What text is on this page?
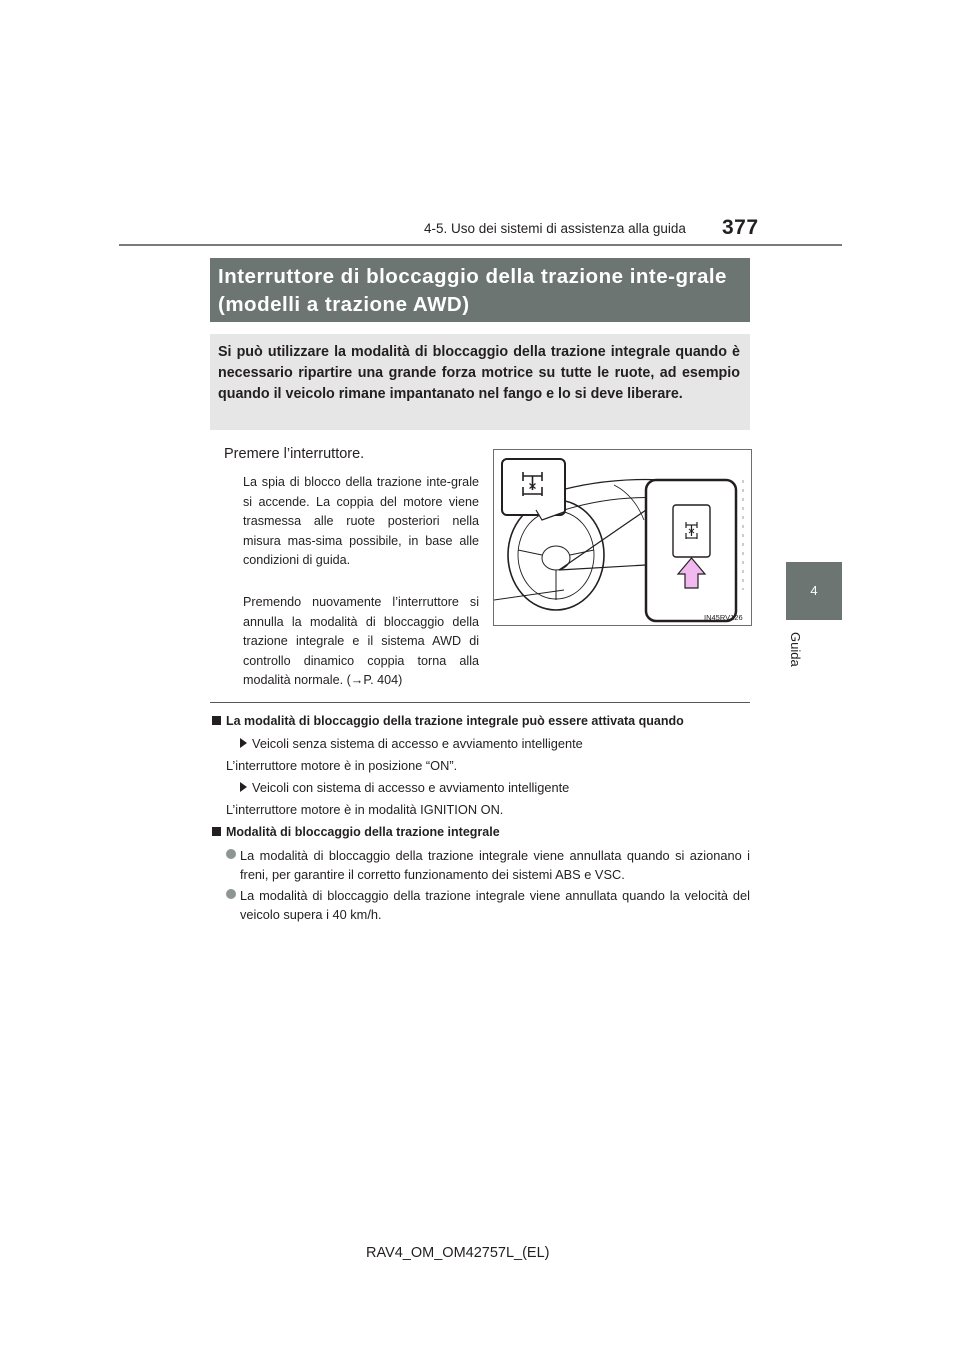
377
4-5. Uso dei sistemi di assistenza alla guida
4
Guida
Interruttore di bloccaggio della trazione inte-grale (modelli a trazione AWD)
Si può utilizzare la modalità di bloccaggio della trazione integrale quando è necessario ripartire una grande forza motrice su tutte le ruote, ad esempio quando il veicolo rimane impantanato nel fango e lo si deve liberare.
Premere l’interruttore.
La spia di blocco della trazione inte-grale si accende. La coppia del motore viene trasmessa alle ruote posteriori nella misura mas-sima possibile, in base alle condizioni di guida.
Premendo nuovamente l’interruttore si annulla la modalità di bloccaggio della trazione integrale e il sistema AWD di controllo dinamico coppia torna alla modalità normale. (→P. 404)
IN45RV126
La modalità di bloccaggio della trazione integrale può essere attivata quando
Veicoli senza sistema di accesso e avviamento intelligente
L’interruttore motore è in posizione “ON”.
Veicoli con sistema di accesso e avviamento intelligente
L’interruttore motore è in modalità IGNITION ON.
Modalità di bloccaggio della trazione integrale
La modalità di bloccaggio della trazione integrale viene annullata quando si azionano i freni, per garantire il corretto funzionamento dei sistemi ABS e VSC.
La modalità di bloccaggio della trazione integrale viene annullata quando la velocità del veicolo supera i 40 km/h.
RAV4_OM_OM42757L_(EL)
